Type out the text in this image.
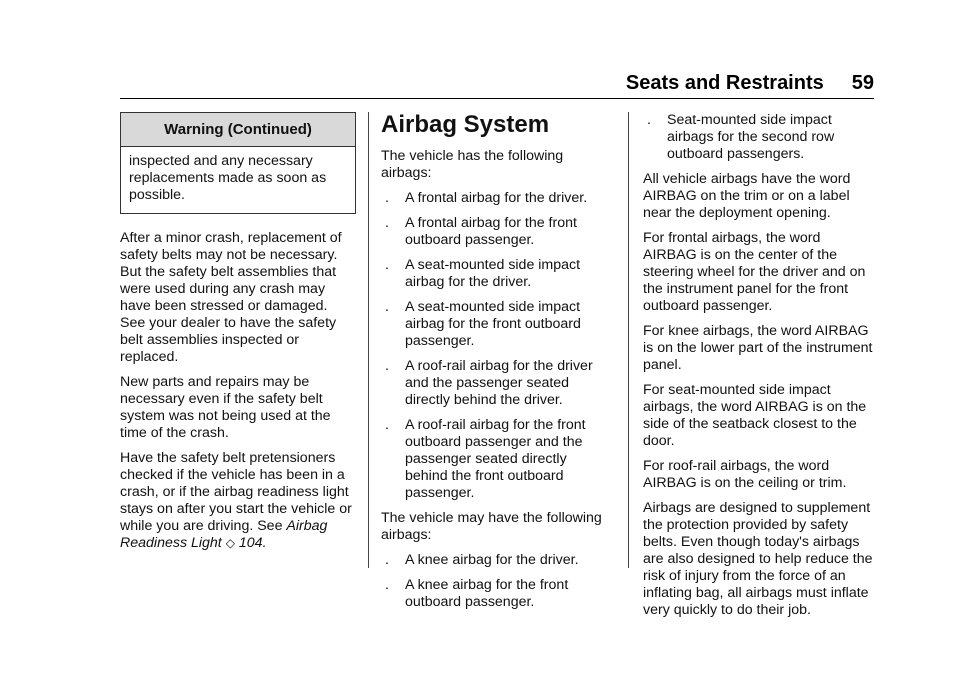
Seats and Restraints 59
Warning (Continued)
inspected and any necessary replacements made as soon as possible.

After a minor crash, replacement of safety belts may not be necessary. But the safety belt assemblies that were used during any crash may have been stressed or damaged. See your dealer to have the safety belt assemblies inspected or replaced.

New parts and repairs may be necessary even if the safety belt system was not being used at the time of the crash.

Have the safety belt pretensioners checked if the vehicle has been in a crash, or if the airbag readiness light stays on after you start the vehicle or while you are driving. See Airbag Readiness Light ◇ 104.

Airbag System

The vehicle has the following airbags:

.	A frontal airbag for the driver.
.	A frontal airbag for the front outboard passenger.
.	A seat-mounted side impact airbag for the driver.
.	A seat-mounted side impact airbag for the front outboard passenger.
.	A roof-rail airbag for the driver and the passenger seated directly behind the driver.
.	A roof-rail airbag for the front outboard passenger and the passenger seated directly behind the front outboard passenger.

The vehicle may have the following airbags:

.	A knee airbag for the driver.
.	A knee airbag for the front outboard passenger.
.	Seat-mounted side impact airbags for the second row outboard passengers.

All vehicle airbags have the word AIRBAG on the trim or on a label near the deployment opening.

For frontal airbags, the word AIRBAG is on the center of the steering wheel for the driver and on the instrument panel for the front outboard passenger.

For knee airbags, the word AIRBAG is on the lower part of the instrument panel.

For seat-mounted side impact airbags, the word AIRBAG is on the side of the seatback closest to the door.

For roof-rail airbags, the word AIRBAG is on the ceiling or trim.

Airbags are designed to supplement the protection provided by safety belts. Even though today's airbags are also designed to help reduce the risk of injury from the force of an inflating bag, all airbags must inflate very quickly to do their job.
